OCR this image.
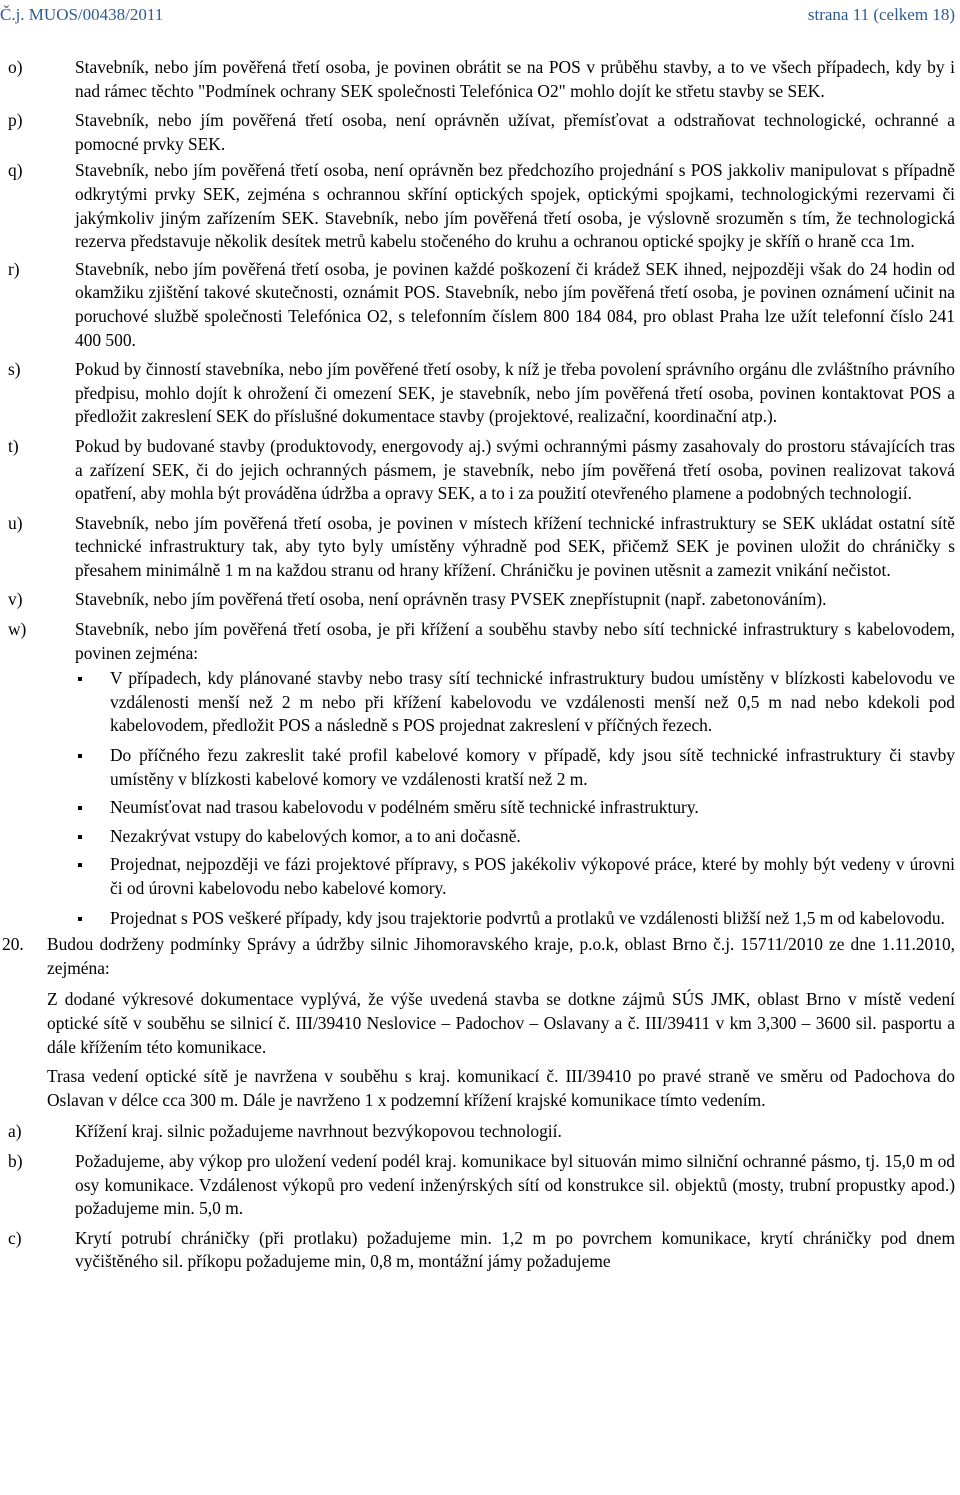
Č.j. MUOS/00438/2011	strana 11 (celkem 18)
o)	Stavebník, nebo jím pověřená třetí osoba, je povinen obrátit se na POS v průběhu stavby, a to ve všech případech, kdy by i nad rámec těchto "Podmínek ochrany SEK společnosti Telefónica O2" mohlo dojít ke střetu stavby se SEK.
p)	Stavebník, nebo jím pověřená třetí osoba, není oprávněn užívat, přemísťovat a odstraňovat technologické, ochranné a pomocné prvky SEK.
q)	Stavebník, nebo jím pověřená třetí osoba, není oprávněn bez předchozího projednání s POS jakkoliv manipulovat s případně odkrytými prvky SEK, zejména s ochrannou skříní optických spojek, optickými spojkami, technologickými rezervami či jakýmkoliv jiným zařízením SEK. Stavebník, nebo jím pověřená třetí osoba, je výslovně srozuměn s tím, že technologická rezerva představuje několik desítek metrů kabelu stočeného do kruhu a ochranou optické spojky je skříň o hraně cca 1m.
r)	Stavebník, nebo jím pověřená třetí osoba, je povinen každé poškození či krádež SEK ihned, nejpozději však do 24 hodin od okamžiku zjištění takové skutečnosti, oznámit POS. Stavebník, nebo jím pověřená třetí osoba, je povinen oznámení učinit na poruchové službě společnosti Telefónica O2, s telefonním číslem 800 184 084, pro oblast Praha lze užít telefonní číslo 241 400 500.
s)	Pokud by činností stavebníka, nebo jím pověřené třetí osoby, k níž je třeba povolení správního orgánu dle zvláštního právního předpisu, mohlo dojít k ohrožení či omezení SEK, je stavebník, nebo jím pověřená třetí osoba, povinen kontaktovat POS a předložit zakreslení SEK do příslušné dokumentace stavby (projektové, realizační, koordinační atp.).
t)	Pokud by budované stavby (produktovody, energovody aj.) svými ochrannými pásmy zasahovaly do prostoru stávajících tras a zařízení SEK, či do jejich ochranných pásmem, je stavebník, nebo jím pověřená třetí osoba, povinen realizovat taková opatření, aby mohla být prováděna údržba a opravy SEK, a to i za použití otevřeného plamene a podobných technologií.
u)	Stavebník, nebo jím pověřená třetí osoba, je povinen v místech křížení technické infrastruktury se SEK ukládat ostatní sítě technické infrastruktury tak, aby tyto byly umístěny výhradně pod SEK, přičemž SEK je povinen uložit do chráničky s přesahem minimálně 1 m na každou stranu od hrany křížení. Chráničku je povinen utěsnit a zamezit vnikání nečistot.
v)	Stavebník, nebo jím pověřená třetí osoba, není oprávněn trasy PVSEK znepřístupnit (např. zabetonováním).
w)	Stavebník, nebo jím pověřená třetí osoba, je při křížení a souběhu stavby nebo sítí technické infrastruktury s kabelovodem, povinen zejména:
V případech, kdy plánované stavby nebo trasy sítí technické infrastruktury budou umístěny v blízkosti kabelovodu ve vzdálenosti menší než 2 m nebo při křížení kabelovodu ve vzdálenosti menší než 0,5 m nad nebo kdekoli pod kabelovodem, předložit POS a následně s POS projednat zakreslení v příčných řezech.
Do příčného řezu zakreslit také profil kabelové komory v případě, kdy jsou sítě technické infrastruktury či stavby umístěny v blízkosti kabelové komory ve vzdálenosti kratší než 2 m.
Neumísťovat nad trasou kabelovodu v podélném směru sítě technické infrastruktury.
Nezakrývat vstupy do kabelových komor, a to ani dočasně.
Projednat, nejpozději ve fázi projektové přípravy, s POS jakékoliv výkopové práce, které by mohly být vedeny v úrovni či od úrovni kabelovodu nebo kabelové komory.
Projednat s POS veškeré případy, kdy jsou trajektorie podvrtů a protlaků ve vzdálenosti bližší než 1,5 m od kabelovodu.
20. Budou dodrženy podmínky Správy a údržby silnic Jihomoravského kraje, p.o.k, oblast Brno č.j. 15711/2010 ze dne 1.11.2010, zejména:
Z dodané výkresové dokumentace vyplývá, že výše uvedená stavba se dotkne zájmů SÚS JMK, oblast Brno v místě vedení optické sítě v souběhu se silnicí č. III/39410 Neslovice – Padochov – Oslavany a č. III/39411 v km 3,300 – 3600 sil. pasportu a dále křížením této komunikace.
Trasa vedení optické sítě je navržena v souběhu s kraj. komunikací č. III/39410 po pravé straně ve směru od Padochova do Oslavan v délce cca 300 m. Dále je navrženo 1 x podzemní křížení krajské komunikace tímto vedením.
a)	Křížení kraj. silnic požadujeme navrhnout bezvýkopovou technologií.
b)	Požadujeme, aby výkop pro uložení vedení podél kraj. komunikace byl situován mimo silniční ochranné pásmo, tj. 15,0 m od osy komunikace. Vzdálenost výkopů pro vedení inženýrských sítí od konstrukce sil. objektů (mosty, trubní propustky apod.) požadujeme min. 5,0 m.
c)	Krytí potrubí chráničky (při protlaku) požadujeme min. 1,2 m po povrchem komunikace, krytí chráničky pod dnem vyčištěného sil. příkopu požadujeme min, 0,8 m, montážní jámy požadujeme
